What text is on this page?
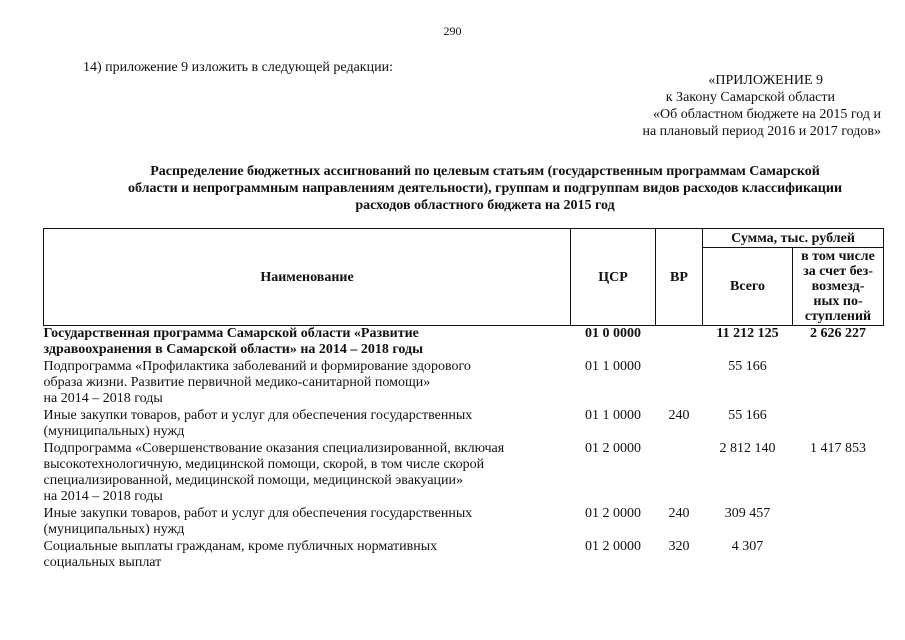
290
14) приложение 9 изложить в следующей редакции:
«ПРИЛОЖЕНИЕ 9
к Закону Самарской области
«Об областном бюджете на 2015 год и
на плановый период 2016 и 2017 годов»
Распределение бюджетных ассигнований по целевым статьям (государственным программам Самарской
области и непрограммным направлениям деятельности), группам и подгруппам видов расходов классификации
расходов областного бюджета на 2015 год
Наименование	ЦСР	ВР	Сумма, тыс. рублей	
			Всего	в том числе
за счет без-
возмезд-
ных по-
ступлений

Государственная программа Самарской области «Развитие
здравоохранения в Самарской области» на 2014 – 2018 годы	01 0 0000		11 212 125	2 626 227

Подпрограмма «Профилактика заболеваний и формирование здорового
образа жизни. Развитие первичной медико-санитарной помощи»
на 2014 – 2018 годы	01 1 0000		55 166	

Иные закупки товаров, работ и услуг для обеспечения государственных
(муниципальных) нужд	01 1 0000	240	55 166	

Подпрограмма «Совершенствование оказания специализированной, включая
высокотехнологичную, медицинской помощи, скорой, в том числе скорой
специализированной, медицинской помощи, медицинской эвакуации»
на 2014 – 2018 годы	01 2 0000		2 812 140	1 417 853

Иные закупки товаров, работ и услуг для обеспечения государственных
(муниципальных) нужд	01 2 0000	240	309 457	

Социальные выплаты гражданам, кроме публичных нормативных
социальных выплат	01 2 0000	320	4 307	
